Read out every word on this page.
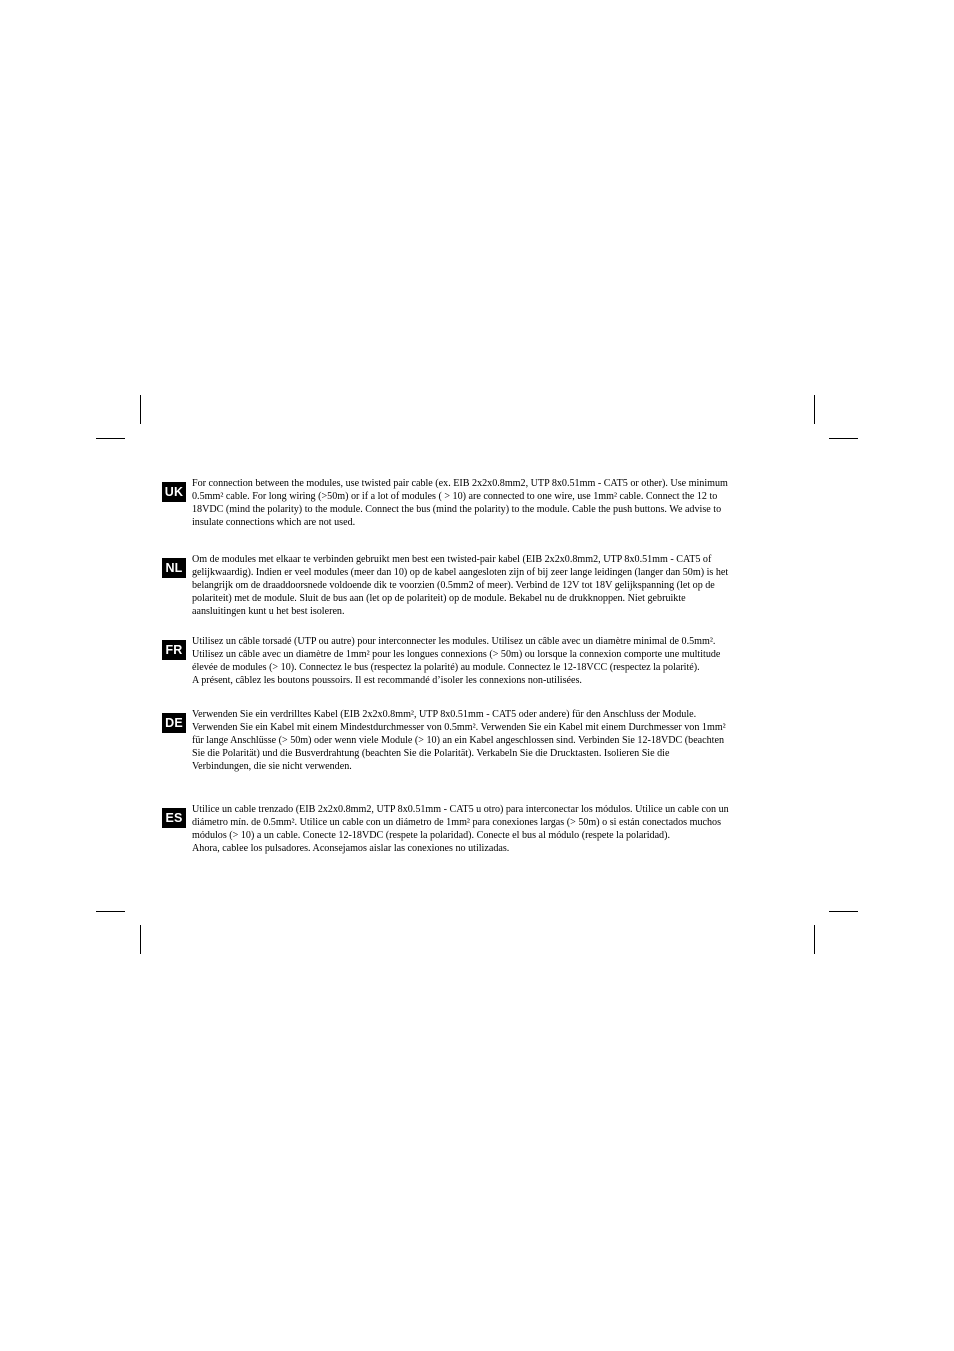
UK

For connection between the modules, use twisted pair cable (ex. EIB 2x2x0.8mm2, UTP 8x0.51mm - CAT5 or other). Use minimum
0.5mm² cable. For long wiring (>50m) or if a lot of modules ( > 10) are connected to one wire, use 1mm² cable. Connect the 12 to
18VDC (mind the polarity) to the module. Connect the bus (mind the polarity) to the module. Cable the push buttons. We advise to
insulate connections which are not used.

NL

Om de modules met elkaar te verbinden gebruikt men best een twisted-pair kabel (EIB 2x2x0.8mm2, UTP 8x0.51mm - CAT5 of
gelijkwaardig). Indien er veel modules (meer dan 10) op de kabel aangesloten zijn of bij zeer lange leidingen (langer dan 50m) is het
belangrijk om de draaddoorsnede voldoende dik te voorzien (0.5mm2 of meer). Verbind de 12V tot 18V gelijkspanning (let op de
polariteit) met de module. Sluit de bus aan (let op de polariteit) op de module. Bekabel nu de drukknoppen. Niet gebruikte
aansluitingen kunt u het best isoleren.

FR

Utilisez un câble torsadé (UTP ou autre) pour interconnecter les modules. Utilisez un câble avec un diamètre minimal de 0.5mm².
Utilisez un câble avec un diamètre de 1mm² pour les longues connexions (> 50m) ou lorsque la connexion comporte une multitude
élevée de modules (> 10). Connectez le bus (respectez la polarité) au module. Connectez le 12-18VCC (respectez la polarité).
A présent, câblez les boutons poussoirs. Il est recommandé d’isoler les connexions non-utilisées.

DE

Verwenden Sie ein verdrilltes Kabel (EIB 2x2x0.8mm², UTP 8x0.51mm - CAT5 oder andere) für den Anschluss der Module.
Verwenden Sie ein Kabel mit einem Mindestdurchmesser von 0.5mm². Verwenden Sie ein Kabel mit einem Durchmesser von 1mm²
für lange Anschlüsse (> 50m) oder wenn viele Module (> 10) an ein Kabel angeschlossen sind. Verbinden Sie 12-18VDC (beachten
Sie die Polarität) und die Busverdrahtung (beachten Sie die Polarität). Verkabeln Sie die Drucktasten. Isolieren Sie die
Verbindungen, die sie nicht verwenden.

ES

Utilice un cable trenzado (EIB 2x2x0.8mm2, UTP 8x0.51mm - CAT5 u otro) para interconectar los módulos. Utilice un cable con un
diámetro mín. de 0.5mm². Utilice un cable con un diámetro de 1mm² para conexiones largas (> 50m) o si están conectados muchos
módulos (> 10) a un cable. Conecte 12-18VDC (respete la polaridad). Conecte el bus al módulo (respete la polaridad).
Ahora, cablee los pulsadores. Aconsejamos aislar las conexiones no utilizadas.
